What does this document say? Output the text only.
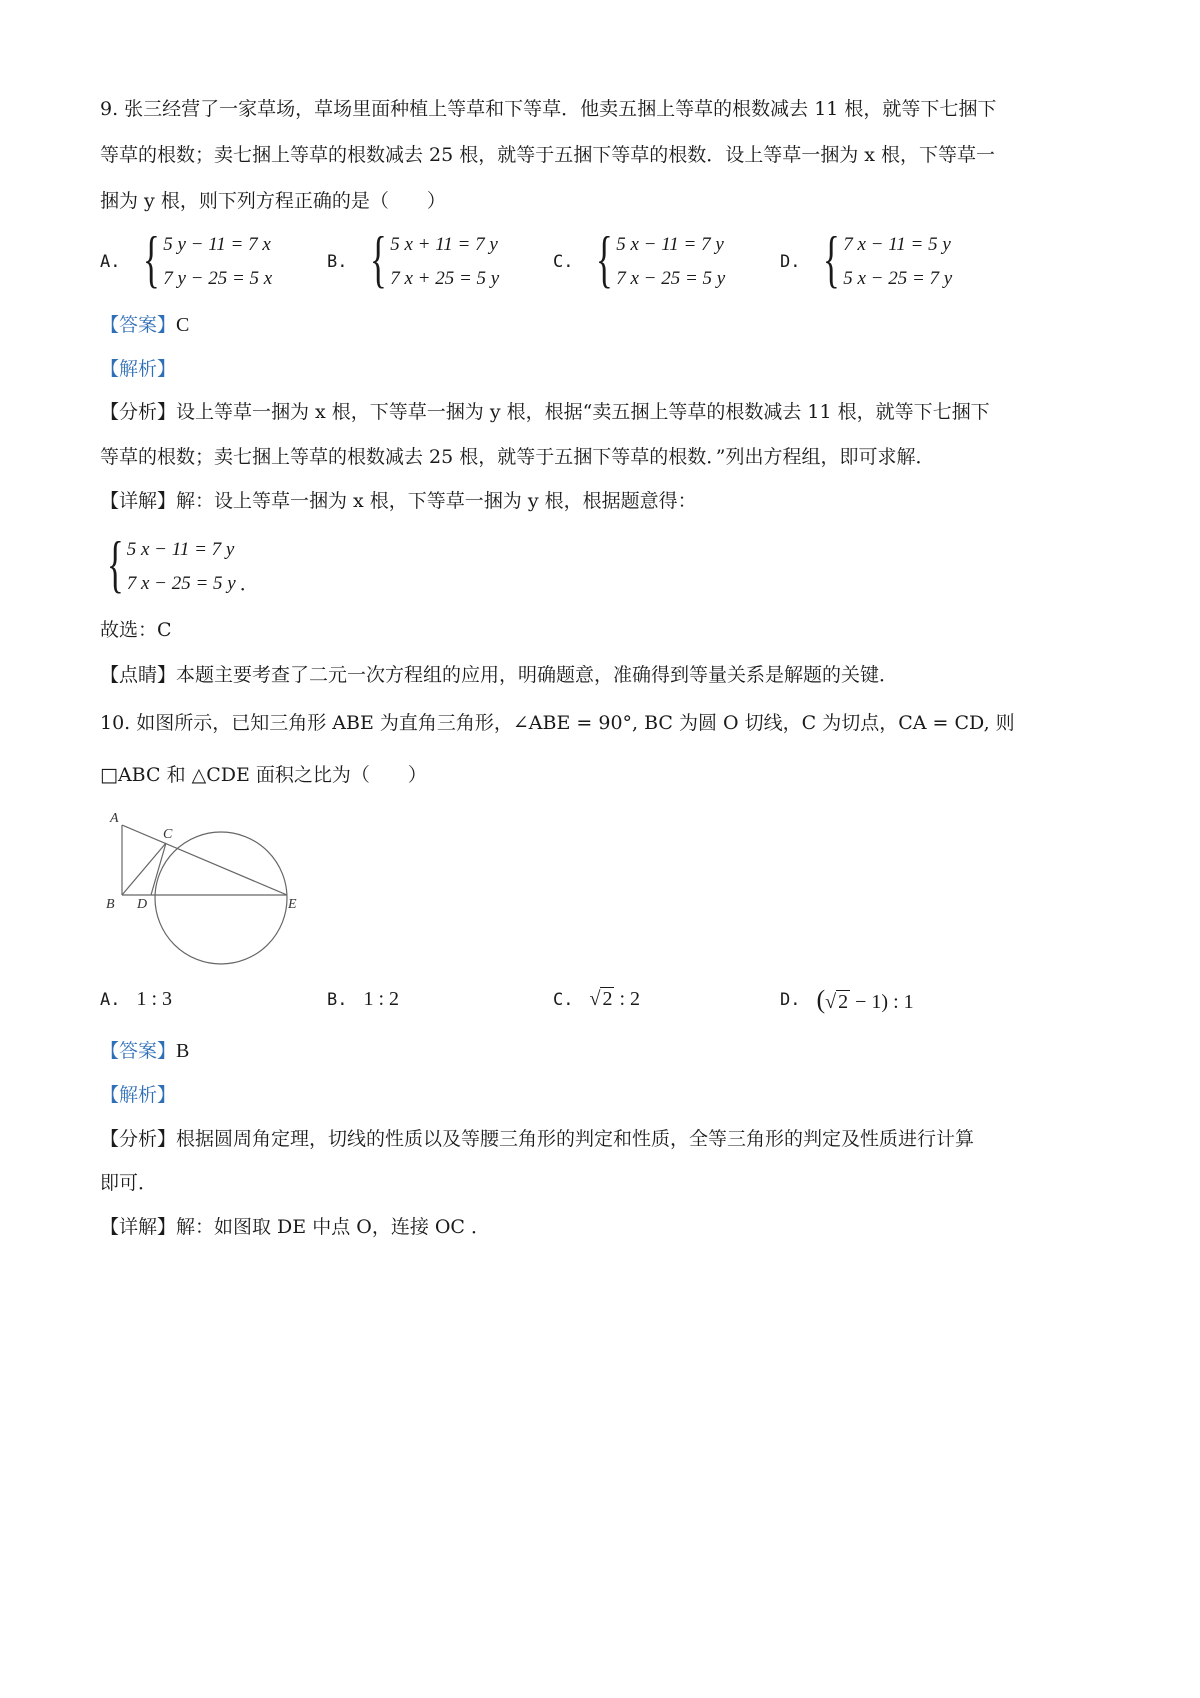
9. 张三经营了一家草场，草场里面种植上等草和下等草．他卖五捆上等草的根数减去 11 根，就等下七捆下
等草的根数；卖七捆上等草的根数减去 25 根，就等于五捆下等草的根数．设上等草一捆为 x 根，下等草一
捆为 y 根，则下列方程正确的是（　　）
A. { 5 y − 11 = 7 x
7 y − 25 = 5 x
B. { 5 x + 11 = 7 y
7 x + 25 = 5 y
C. { 5 x − 11 = 7 y
7 x − 25 = 5 y
D. { 7 x − 11 = 5 y
5 x − 25 = 7 y
【答案】C
【解析】
【分析】设上等草一捆为 x 根，下等草一捆为 y 根，根据“卖五捆上等草的根数减去 11 根，就等下七捆下
等草的根数；卖七捆上等草的根数减去 25 根，就等于五捆下等草的根数．”列出方程组，即可求解．
【详解】解：设上等草一捆为 x 根，下等草一捆为 y 根，根据题意得：
{ 5 x − 11 = 7 y
7 x − 25 = 5 y ．
故选：C
【点睛】本题主要考查了二元一次方程组的应用，明确题意，准确得到等量关系是解题的关键．
10. 如图所示，已知三角形 ABE 为直角三角形，∠ABE = 90°, BC 为圆 O 切线，C 为切点，CA = CD, 则
□ABC 和 △CDE 面积之比为（　　）
A
B
C
D	E
A. 1 : 3	B. 1 : 2	C. √ 2 : 2	D. (√ 2 − 1) : 1
【答案】B
【解析】
【分析】根据圆周角定理，切线的性质以及等腰三角形的判定和性质，全等三角形的判定及性质进行计算
即可．
【详解】解：如图取 DE 中点 O，连接 OC ．
